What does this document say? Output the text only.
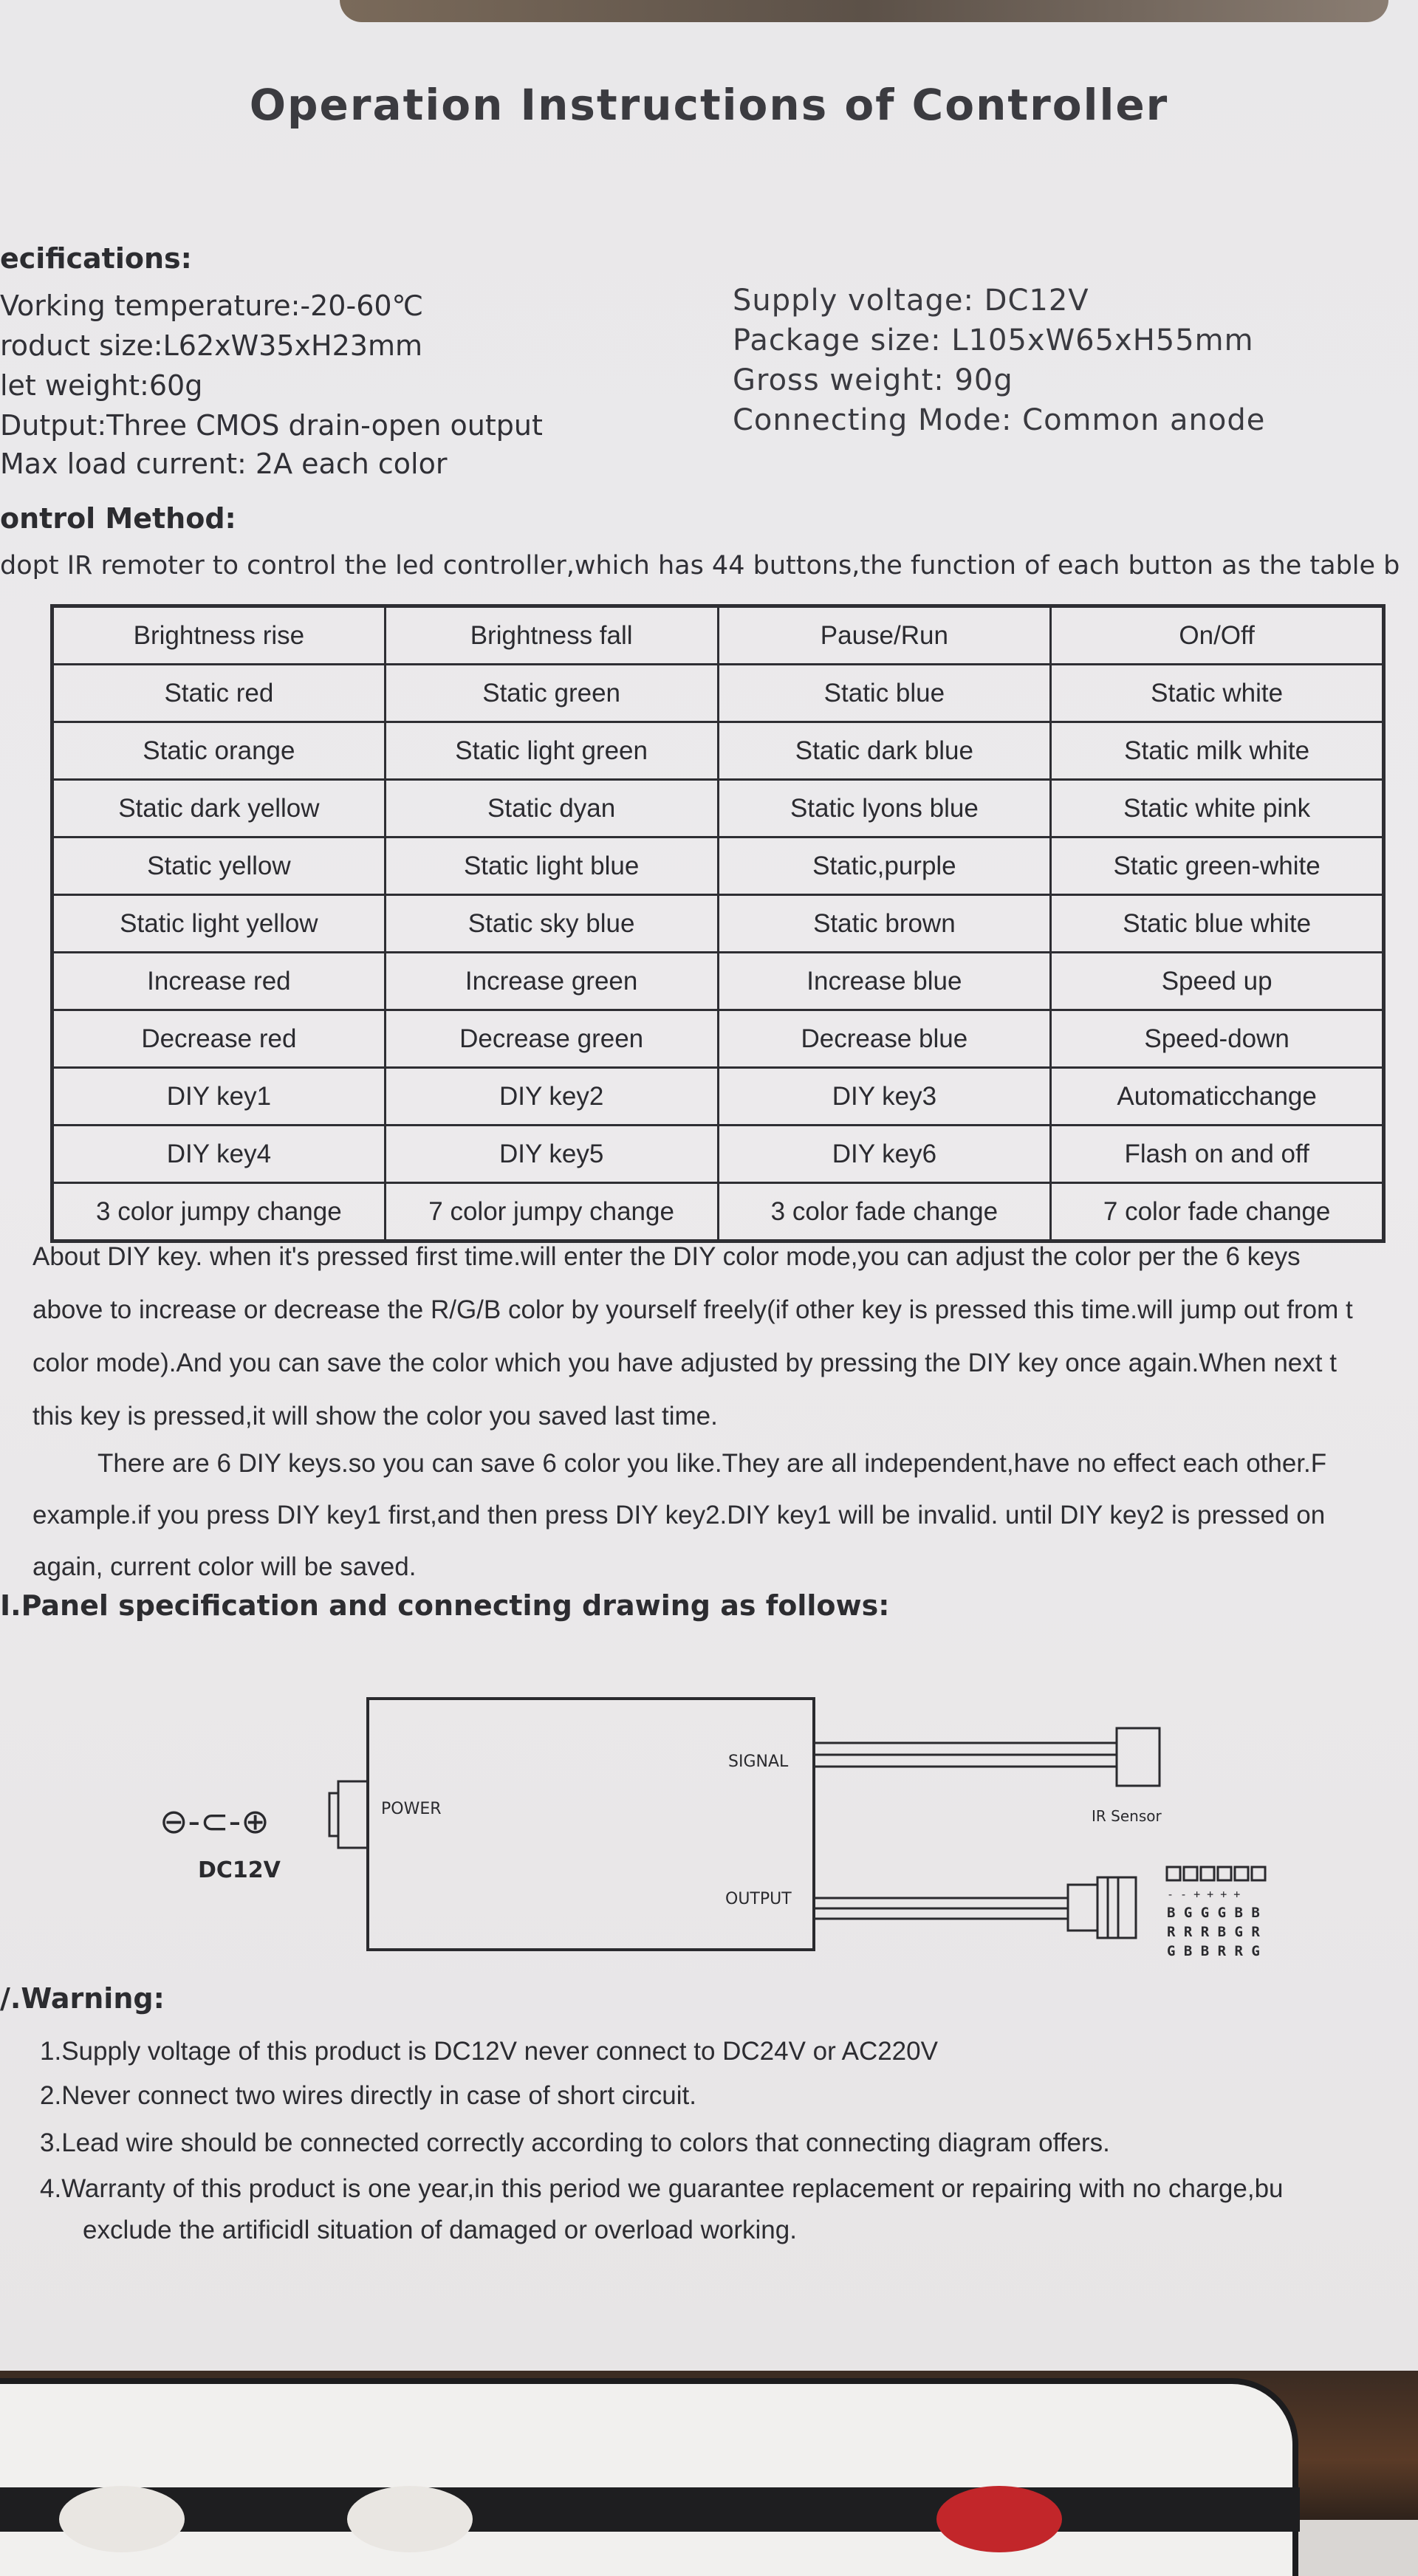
Operation Instructions of Controller
ecifications:
Vorking temperature:-20-60℃
roduct size:L62xW35xH23mm
let weight:60g
Dutput:Three CMOS drain-open output
Max load current: 2A each color
Supply voltage: DC12V
Package size: L105xW65xH55mm
Gross weight: 90g
Connecting Mode: Common anode
ontrol Method:
dopt IR remoter to control the led controller,which has 44 buttons,the function of each button as the table b
Brightness rise	Brightness fall	Pause/Run	On/Off
Static red	Static green	Static blue	Static white
Static orange	Static light green	Static dark blue	Static milk white
Static dark yellow	Static dyan	Static lyons blue	Static white pink
Static yellow	Static light blue	Static,purple	Static green-white
Static light yellow	Static sky blue	Static brown	Static blue white
Increase red	Increase green	Increase blue	Speed up
Decrease red	Decrease green	Decrease blue	Speed-down
DIY key1	DIY key2	DIY key3	Automaticchange
DIY key4	DIY key5	DIY key6	Flash on and off
3 color jumpy change	7 color jumpy change	3 color fade change	7 color fade change
About DIY key. when it's pressed first time.will enter the DIY color mode,you can adjust the color per the 6 keys
above to increase or decrease the R/G/B color by yourself freely(if other key is pressed this time.will jump out from t
color mode).And you can save the color which you have adjusted by pressing the DIY key once again.When next t
this key is pressed,it will show the color you saved last time.
There are 6 DIY keys.so you can save 6 color you like.They are all independent,have no effect each other.F
example.if you press DIY key1 first,and then press DIY key2.DIY key1 will be invalid. until DIY key2 is pressed on
again, current color will be saved.
I.Panel specification and connecting drawing as follows:
POWER
SIGNAL
OUTPUT
IR Sensor
⊖-⊂-⊕
DC12V
- - + + + +
B G G G B B
R R R B G R
G B B R R G
/.Warning:
1.Supply voltage of this product is DC12V never connect to DC24V or AC220V
2.Never connect two wires directly in case of short circuit.
3.Lead wire should be connected correctly according to colors that connecting diagram offers.
4.Warranty of this product is one year,in this period we guarantee replacement or repairing with no charge,bu
exclude the artificidl situation of damaged or overload working.
